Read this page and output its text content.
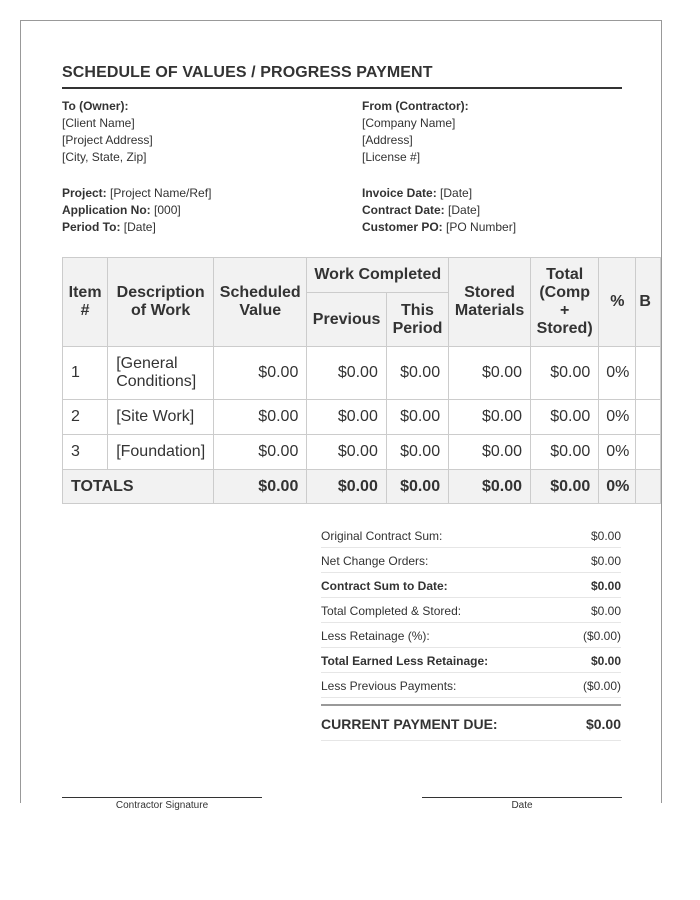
SCHEDULE OF VALUES / PROGRESS PAYMENT
To (Owner):
[Client Name]
[Project Address]
[City, State, Zip]
From (Contractor):
[Company Name]
[Address]
[License #]
Project: [Project Name/Ref]
Application No: [000]
Period To: [Date]
Invoice Date: [Date]
Contract Date: [Date]
Customer PO: [PO Number]
Item #	Description of Work	Scheduled Value	Work Completed		Stored Materials	Total (Comp + Stored)	%	B
			Previous	This Period				
1	[General Conditions]	$0.00	$0.00	$0.00	$0.00	$0.00	0%	
2	[Site Work]	$0.00	$0.00	$0.00	$0.00	$0.00	0%	
3	[Foundation]	$0.00	$0.00	$0.00	$0.00	$0.00	0%	
TOTALS		$0.00	$0.00	$0.00	$0.00	$0.00	0%	
Original Contract Sum:	$0.00
Net Change Orders:	$0.00
Contract Sum to Date:	$0.00
Total Completed & Stored:	$0.00
Less Retainage (%):	($0.00)
Total Earned Less Retainage:	$0.00
Less Previous Payments:	($0.00)
CURRENT PAYMENT DUE:	$0.00
Contractor Signature	Date
